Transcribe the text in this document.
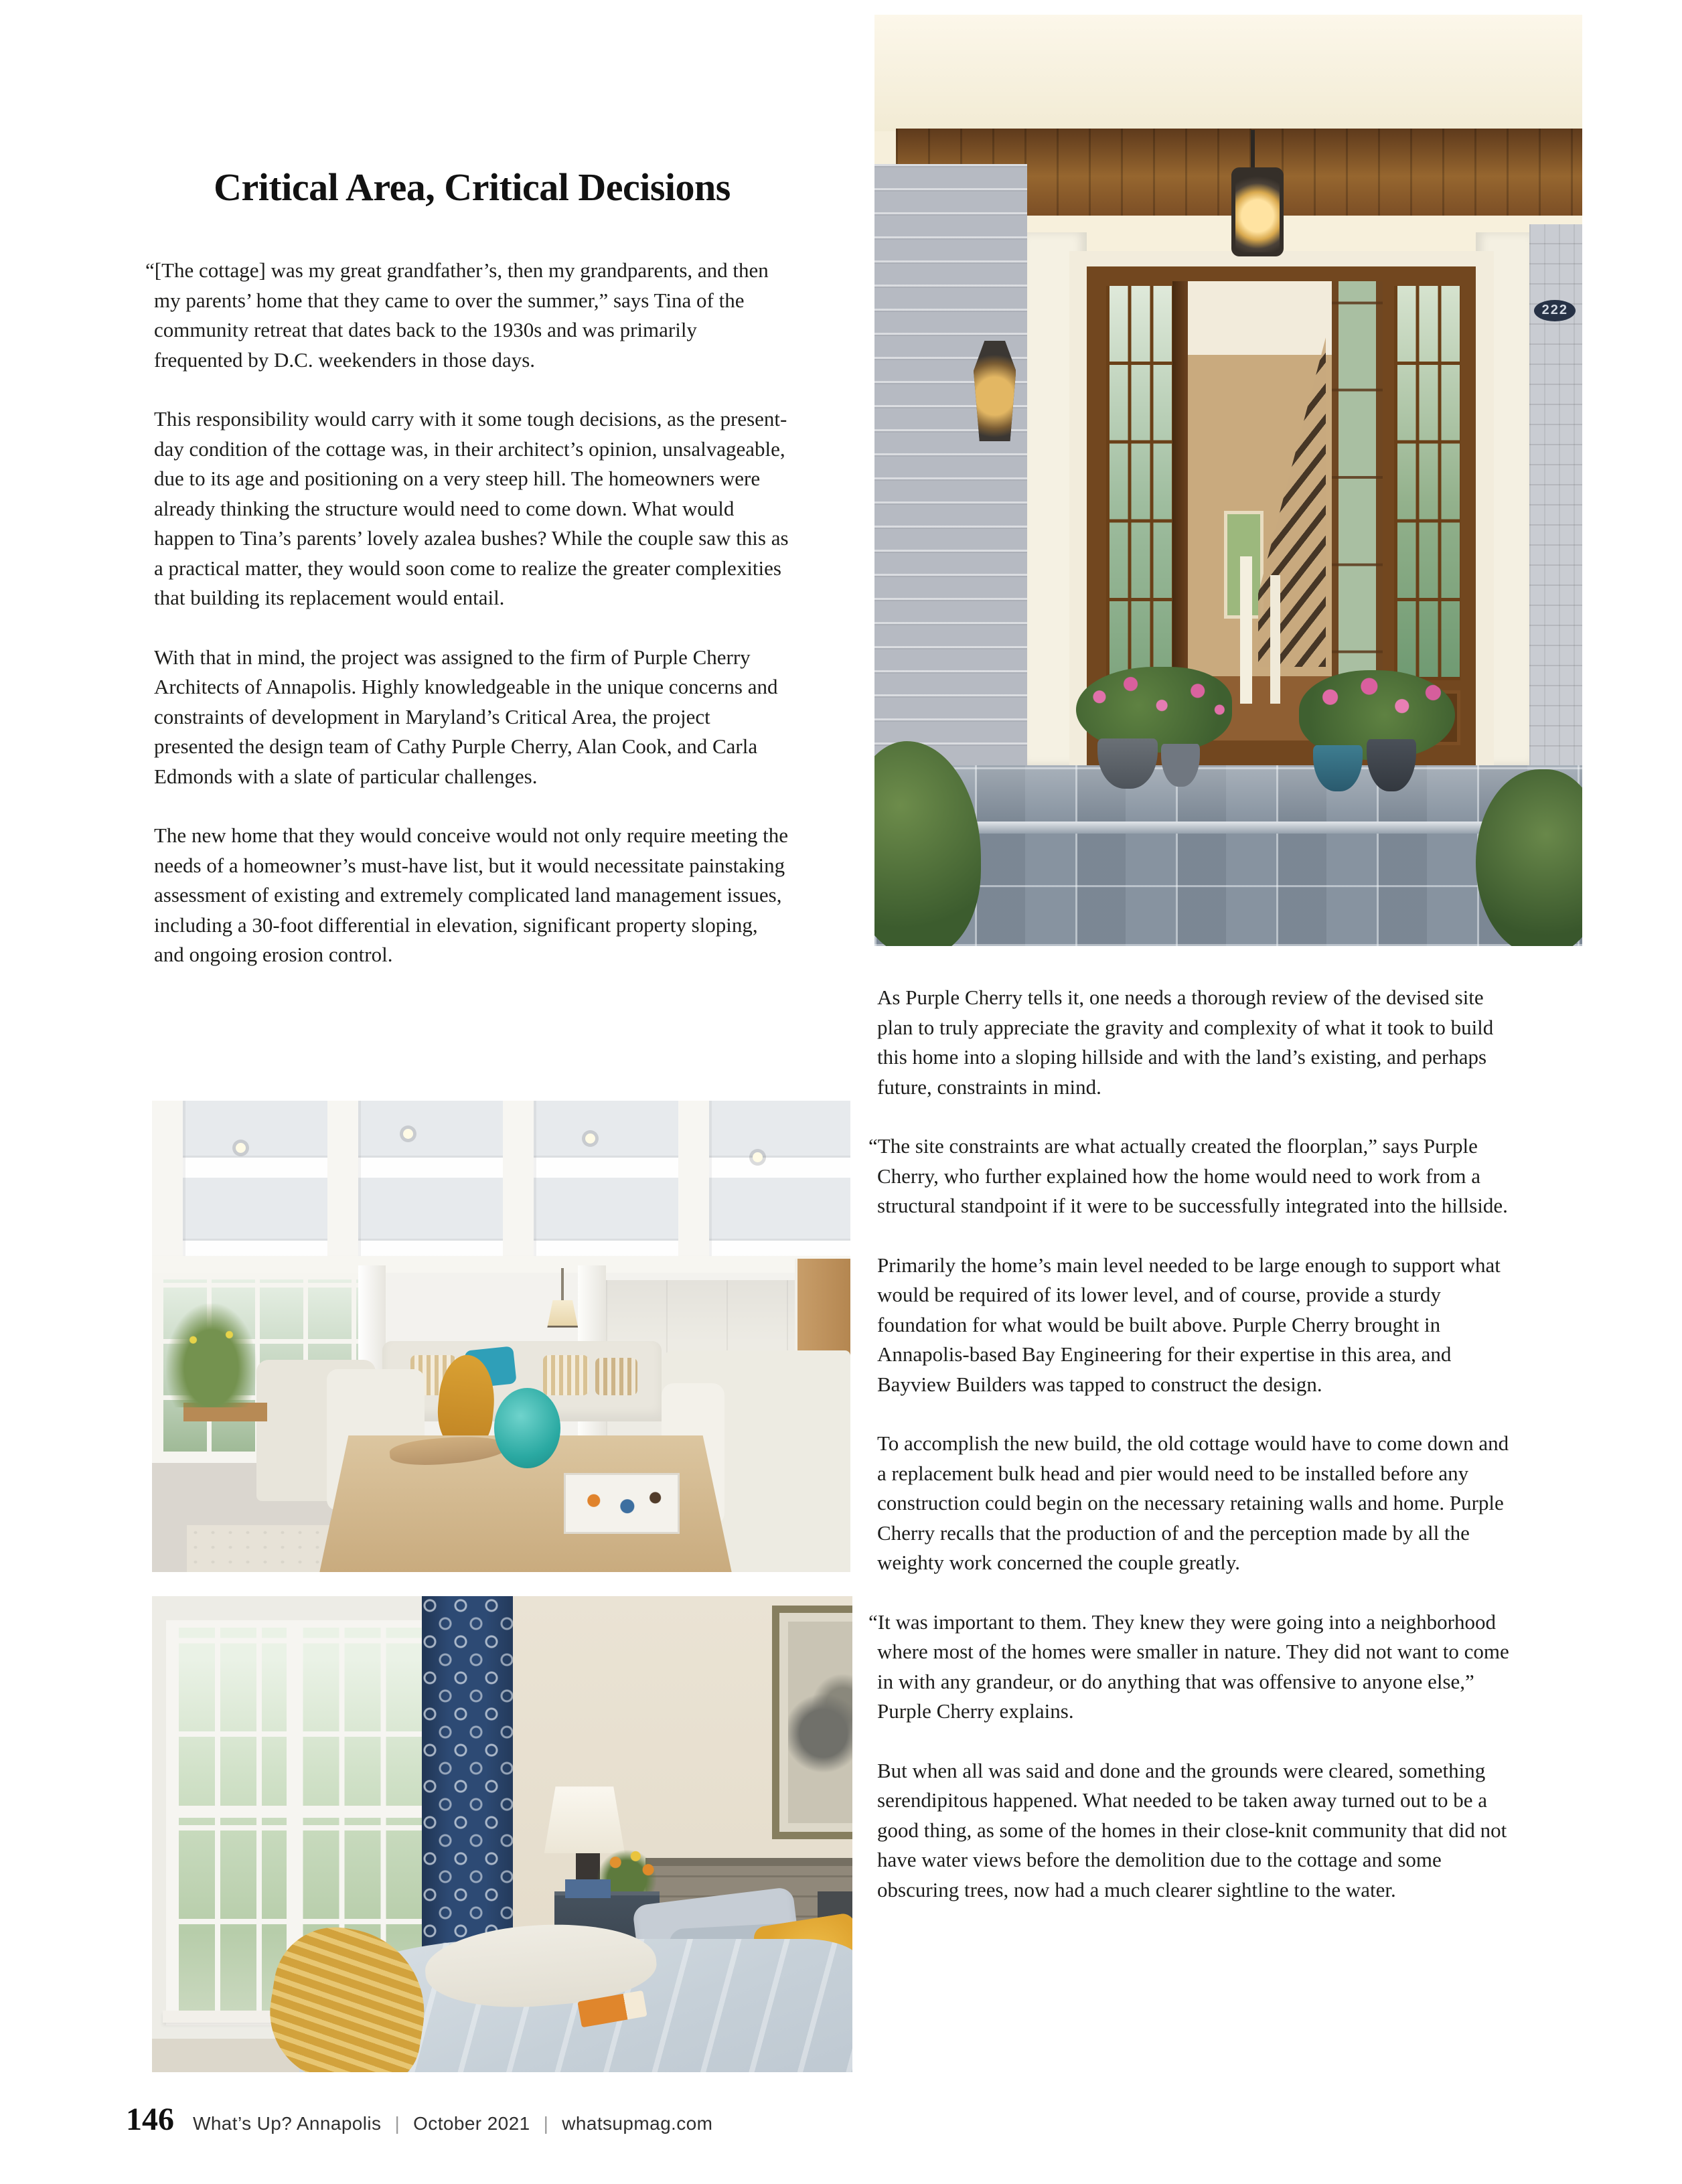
Critical Area, Critical Decisions

“[The cottage] was my great grandfather’s, then my grandparents, and then my parents’ home that they came to over the summer,” says Tina of the community retreat that dates back to the 1930s and was primarily frequented by D.C. weekenders in those days.

This responsibility would carry with it some tough decisions, as the present-day condition of the cottage was, in their architect’s opinion, unsalvageable, due to its age and positioning on a very steep hill. The homeowners were already thinking the structure would need to come down. What would happen to Tina’s parents’ lovely azalea bushes? While the couple saw this as a practical matter, they would soon come to realize the greater complexities that building its replacement would entail.

With that in mind, the project was assigned to the firm of Purple Cherry Architects of Annapolis. Highly knowledgeable in the unique concerns and constraints of development in Maryland’s Critical Area, the project presented the design team of Cathy Purple Cherry, Alan Cook, and Carla Edmonds with a slate of particular challenges.

The new home that they would conceive would not only require meeting the needs of a homeowner’s must-have list, but it would necessitate painstaking assessment of existing and extremely complicated land management issues, including a 30-foot differential in elevation, significant property sloping, and ongoing erosion control.

As Purple Cherry tells it, one needs a thorough review of the devised site plan to truly appreciate the gravity and complexity of what it took to build this home into a sloping hillside and with the land’s existing, and perhaps future, constraints in mind.

“The site constraints are what actually created the floorplan,” says Purple Cherry, who further explained how the home would need to work from a structural standpoint if it were to be successfully integrated into the hillside.

Primarily the home’s main level needed to be large enough to support what would be required of its lower level, and of course, provide a sturdy foundation for what would be built above. Purple Cherry brought in Annapolis-based Bay Engineering for their expertise in this area, and Bayview Builders was tapped to construct the design.

To accomplish the new build, the old cottage would have to come down and a replacement bulk head and pier would need to be installed before any construction could begin on the necessary retaining walls and home. Purple Cherry recalls that the production of and the perception made by all the weighty work concerned the couple greatly.

“It was important to them. They knew they were going into a neighborhood where most of the homes were smaller in nature. They did not want to come in with any grandeur, or do anything that was offensive to anyone else,” Purple Cherry explains.

But when all was said and done and the grounds were cleared, something serendipitous happened. What needed to be taken away turned out to be a good thing, as some of the homes in their close-knit community that did not have water views before the demolition due to the cottage and some obscuring trees, now had a much clearer sightline to the water.

222
146 What’s Up? Annapolis | October 2021 | whatsupmag.com
